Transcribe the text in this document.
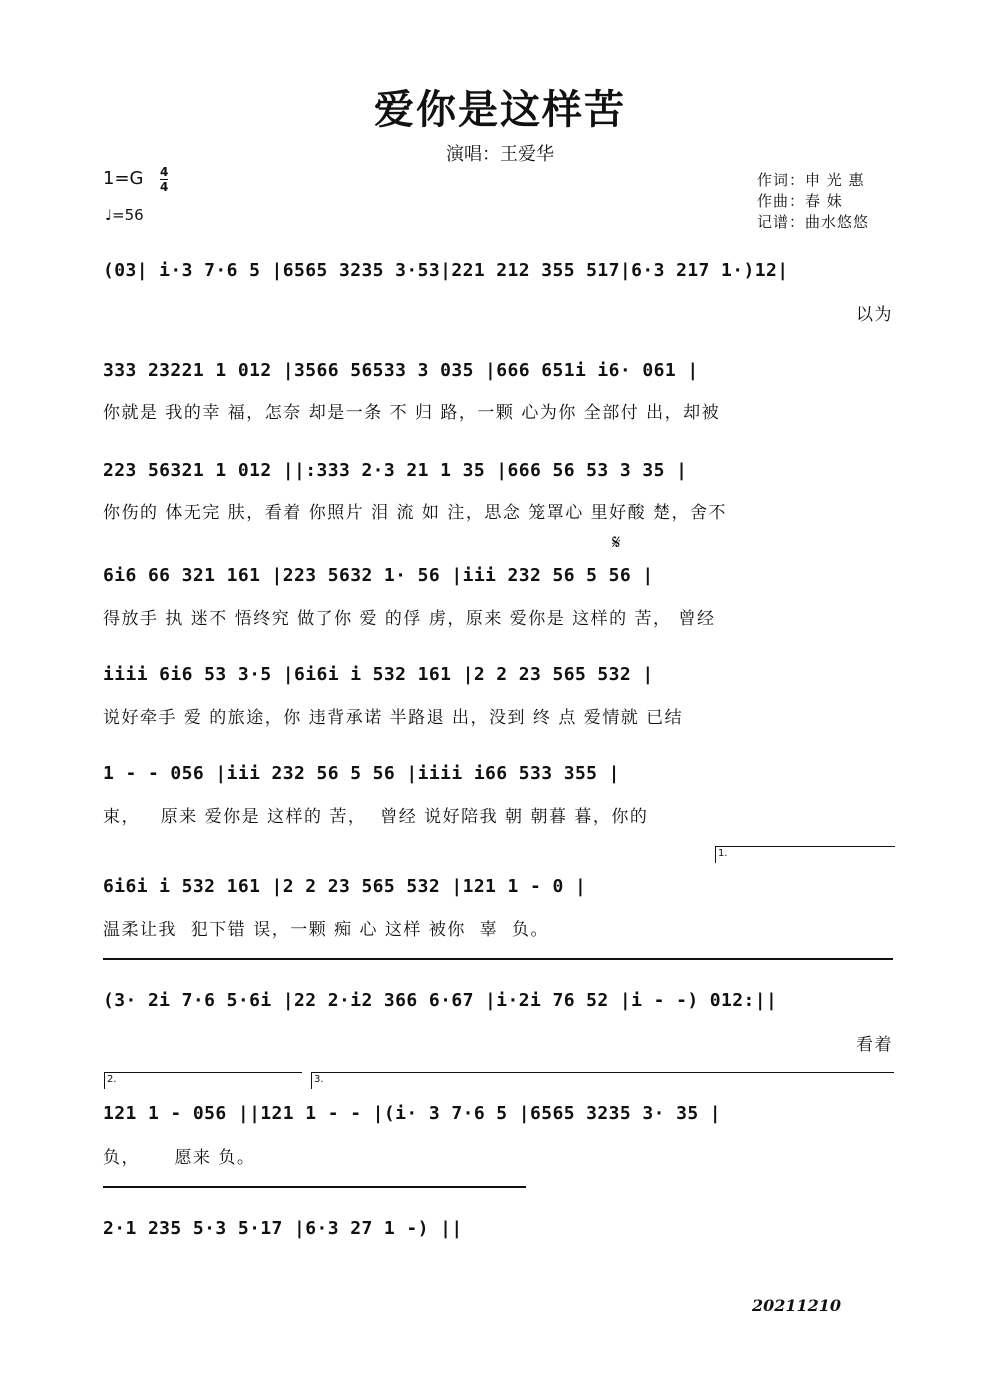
爱你是这样苦
演唱：王爱华
1=G 4
4
♩=56
作词：申 光 惠
作曲：春 妹
记谱：曲水悠悠
(03| i·3 7·6 5 |6565 3235 3·53|221 212 355 517|6·3 217 1·)12|
以为
333 23221 1 012 |3566 56533 3 035 |666 651i i6· 061 |
你就是 我的幸 福，怎奈 却是一条 不 归 路，一颗 心为你 全部付 出，却被
223 56321 1 012 ||:333 2·3 21 1 35 |666 56 53 3 35 |
你伤的 体无完 肤，看着 你照片 泪 流 如 注，思念 笼罩心 里好酸 楚，舍不
𝄋
6i6 66 321 161 |223 5632 1· 56 |iii 232 56 5 56 |
得放手 执 迷不 悟终究 做了你 爱 的俘 虏，原来 爱你是 这样的 苦， 曾经
iiii 6i6 53 3·5 |6i6i i 532 161 |2 2 23 565 532 |
说好牵手 爱 的旅途，你 违背承诺 半路退 出，没到 终 点 爱情就 已结
1 - - 056 |iii 232 56 5 56 |iiii i66 533 355 |
束，   原来 爱你是 这样的 苦，  曾经 说好陪我 朝 朝暮 暮，你的
1.
6i6i i 532 161 |2 2 23 565 532 |121 1 - 0 |
温柔让我  犯下错 误，一颗 痴 心 这样 被你  辜  负。
(3· 2i 7·6 5·6i |22 2·i2 366 6·67 |i·2i 76 52 |i - -) 012:||
看着
2.	3.
121 1 - 056 ||121 1 - - |(i· 3 7·6 5 |6565 3235 3· 35 |
负，     愿来 负。
2·1 235 5·3 5·17 |6·3 27 1 -) ||
20211210
